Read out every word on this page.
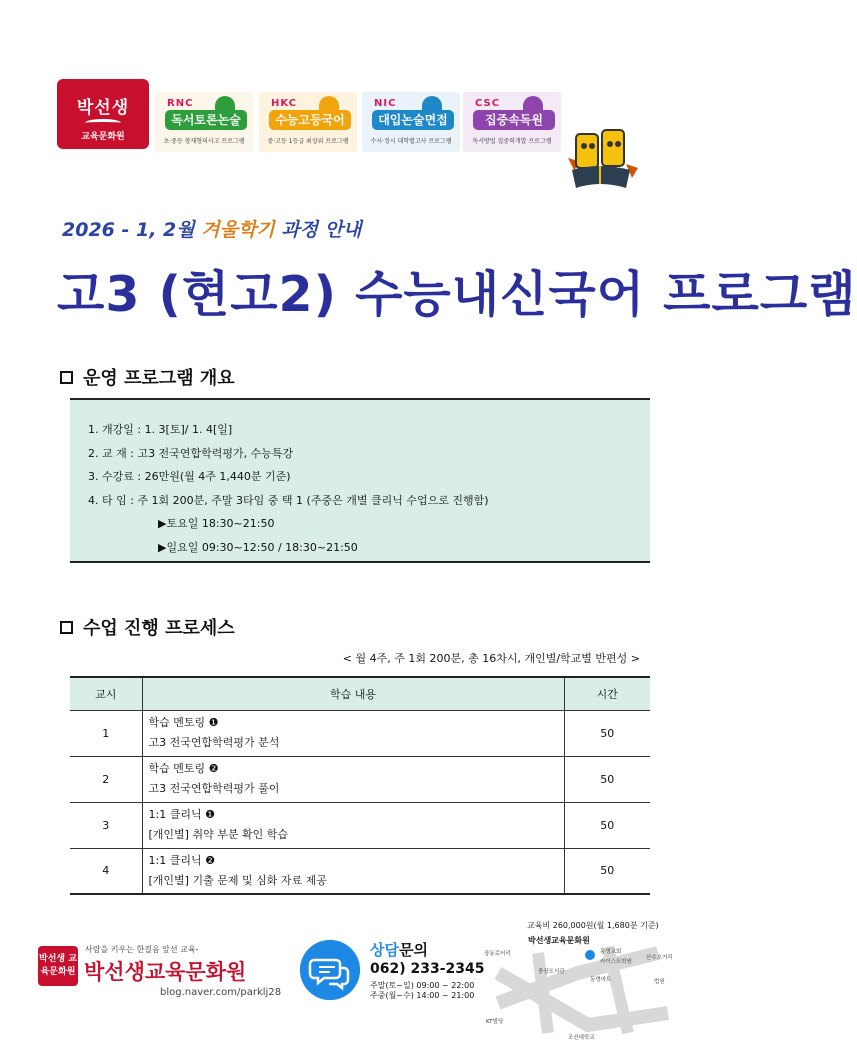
박선생
교육문화원
RNC
독서토론논술
초·중등 창재형의사고 프로그램
HKC
수능고등국어
중·고등 1등급 최상위 프로그램
NIC
대입논술면접
수시·정시 대학별고사 프로그램
CSC
집중속독원
독서방법 집중력개발 프로그램
2026 - 1, 2월 겨울학기 과정 안내
고3 (현고2) 수능내신국어 프로그램
운영 프로그램 개요
1. 개강일 : 1. 3[토]/ 1. 4[일]
2. 교 재 : 고3 전국연합학력평가, 수능특강
3. 수강료 : 26만원(월 4주 1,440분 기준)
4. 타 임 : 주 1회 200분, 주말 3타임 중 택 1 (주중은 개별 클리닉 수업으로 진행함)
▶토요일 18:30~21:50
▶일요일 09:30~12:50 / 18:30~21:50
수업 진행 프로세스
< 월 4주, 주 1회 200분, 총 16차시, 개인별/학교별 반편성 >
교시	학습 내용	시간
1	학습 멘토링 ❶
고3 전국연합학력평가 분석	50
2	학습 멘토링 ❷
고3 전국연합학력평가 풀이	50
3	1:1 클리닉 ❶
[개인별] 취약 부분 확인 학습	50
4	1:1 클리닉 ❷
[개인별] 기출 문제 및 심화 자료 제공	50
박선생 교육문화원
사람을 키우는 한걸음 앞선 교육-
박선생교육문화원
blog.naver.com/parklj28
상담문의
062) 233-2345
주말(토~일) 09:00 ~ 22:00
주중(월~수) 14:00 ~ 21:00
교육비 260,000원(월 1,680분 기준)
박선생교육문화원
장동로터리	동명교회
산수오거리
카이스트학원
충장도서관
동명마트	법원
KT빌딩
조선대학교
